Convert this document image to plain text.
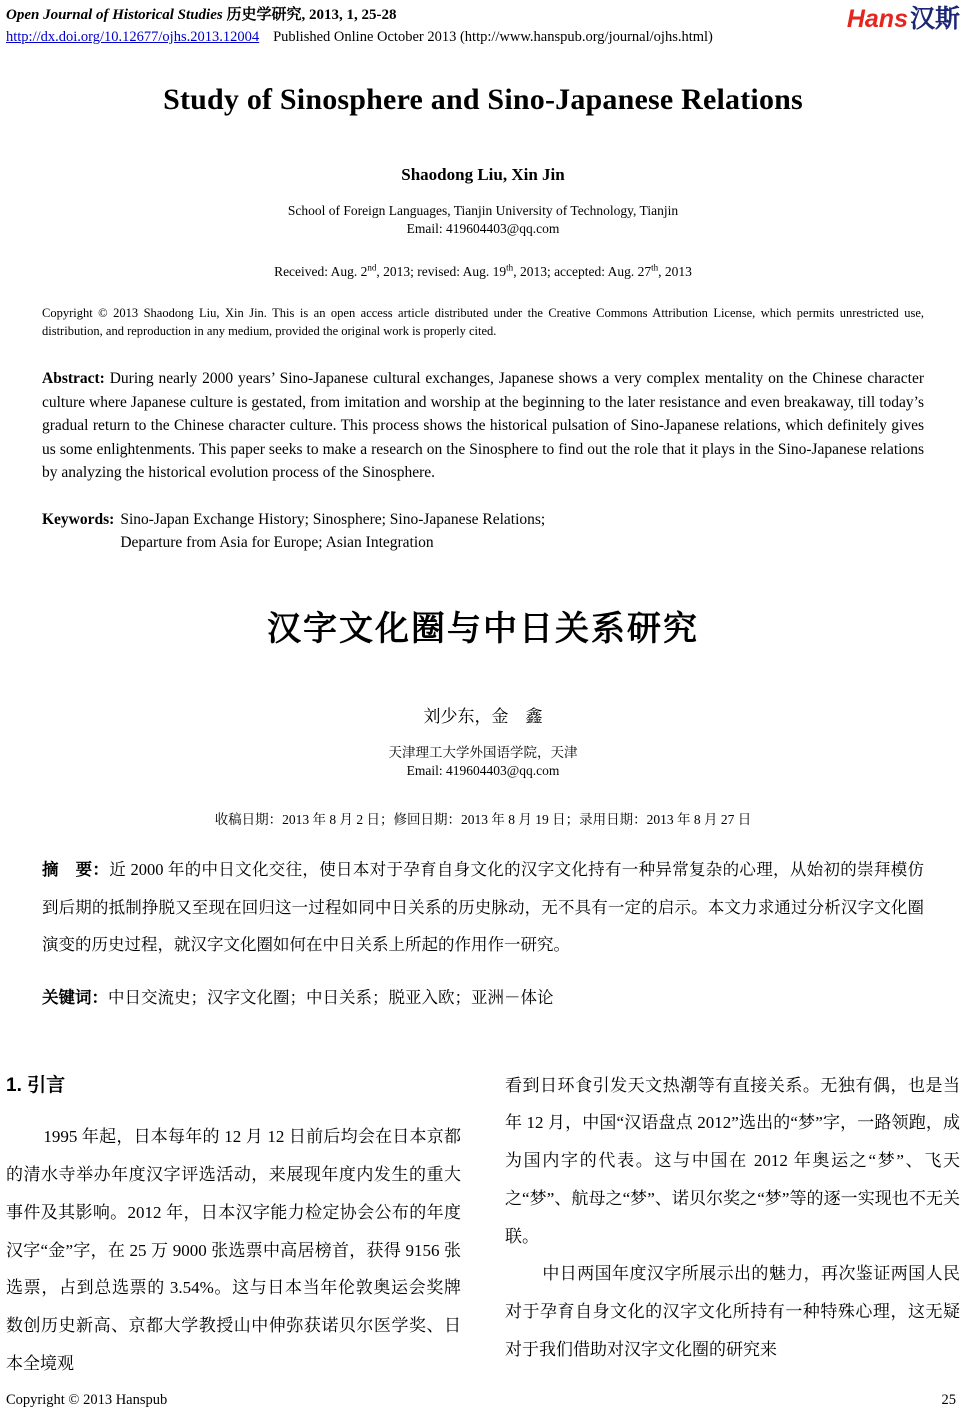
Open Journal of Historical Studies 历史学研究, 2013, 1, 25-28
http://dx.doi.org/10.12677/ojhs.2013.12004 Published Online October 2013 (http://www.hanspub.org/journal/ojhs.html)
Hans汉斯
Study of Sinosphere and Sino-Japanese Relations
Shaodong Liu, Xin Jin
School of Foreign Languages, Tianjin University of Technology, Tianjin
Email: 419604403@qq.com
Received: Aug. 2nd, 2013; revised: Aug. 19th, 2013; accepted: Aug. 27th, 2013
Copyright © 2013 Shaodong Liu, Xin Jin. This is an open access article distributed under the Creative Commons Attribution License, which permits unrestricted use, distribution, and reproduction in any medium, provided the original work is properly cited.
Abstract: During nearly 2000 years’ Sino-Japanese cultural exchanges, Japanese shows a very complex mentality on the Chinese character culture where Japanese culture is gestated, from imitation and worship at the beginning to the later resistance and even breakaway, till today’s gradual return to the Chinese character culture. This process shows the historical pulsation of Sino-Japanese relations, which definitely gives us some enlightenments. This paper seeks to make a research on the Sinosphere to find out the role that it plays in the Sino-Japanese relations by analyzing the historical evolution process of the Sinosphere.
Keywords: Sino-Japan Exchange History; Sinosphere; Sino-Japanese Relations;
Departure from Asia for Europe; Asian Integration
汉字文化圈与中日关系研究
刘少东，金　鑫
天津理工大学外国语学院，天津
Email: 419604403@qq.com
收稿日期：2013 年 8 月 2 日；修回日期：2013 年 8 月 19 日；录用日期：2013 年 8 月 27 日
摘　要：近 2000 年的中日文化交往，使日本对于孕育自身文化的汉字文化持有一种异常复杂的心理，从始初的崇拜模仿到后期的抵制挣脱又至现在回归这一过程如同中日关系的历史脉动，无不具有一定的启示。本文力求通过分析汉字文化圈演变的历史过程，就汉字文化圈如何在中日关系上所起的作用作一研究。
关键词：中日交流史；汉字文化圈；中日关系；脱亚入欧；亚洲－体论
1. 引言

1995 年起，日本每年的 12 月 12 日前后均会在日本京都的清水寺举办年度汉字评选活动，来展现年度内发生的重大事件及其影响。2012 年，日本汉字能力检定协会公布的年度汉字“金”字，在 25 万 9000 张选票中高居榜首，获得 9156 张选票，占到总选票的 3.54%。这与日本当年伦敦奥运会奖牌数创历史新高、京都大学教授山中伸弥获诺贝尔医学奖、日本全境观

看到日环食引发天文热潮等有直接关系。无独有偶，也是当年 12 月，中国“汉语盘点 2012”选出的“梦”字，一路领跑，成为国内字的代表。这与中国在 2012 年奥运之“梦”、飞天之“梦”、航母之“梦”、诺贝尔奖之“梦”等的逐一实现也不无关联。

中日两国年度汉字所展示出的魅力，再次鉴证两国人民对于孕育自身文化的汉字文化所持有一种特殊心理，这无疑对于我们借助对汉字文化圈的研究来

Copyright © 2013 Hanspub	25
